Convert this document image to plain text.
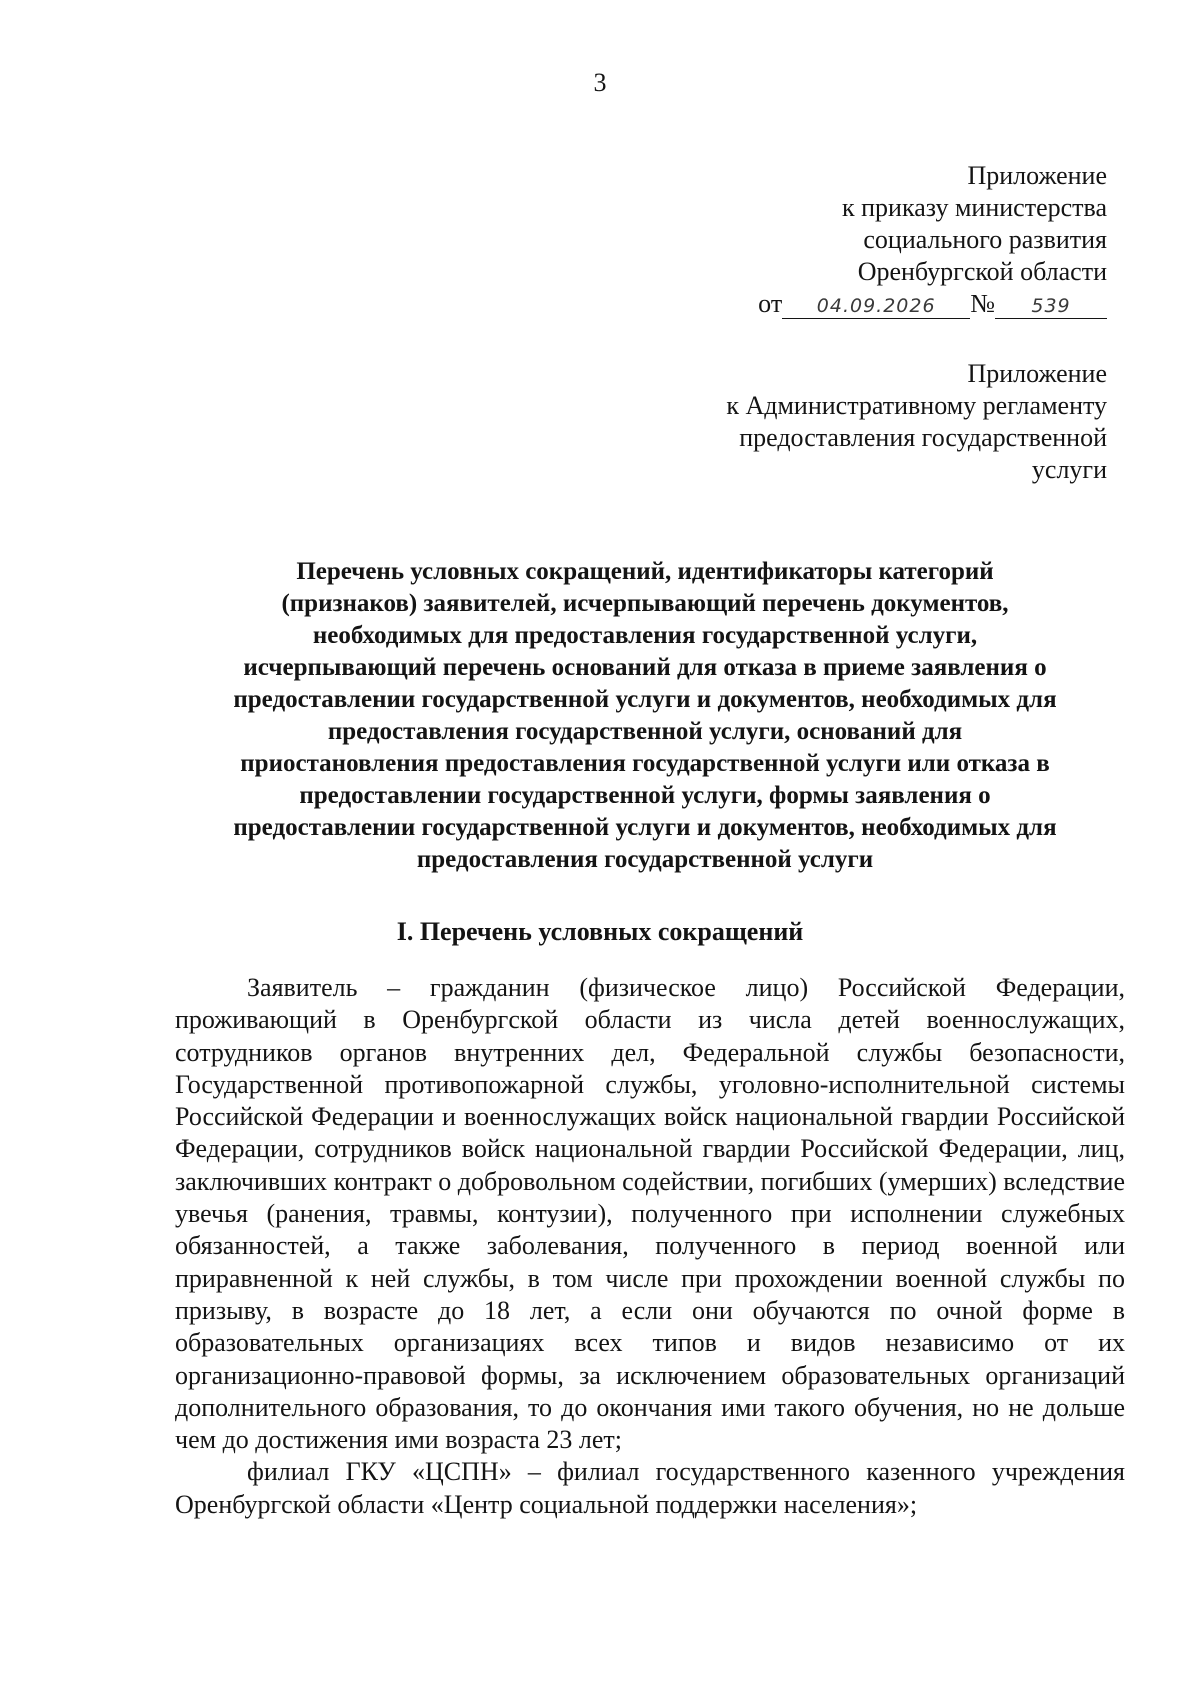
3
Приложение
к приказу министерства
социального развития
Оренбургской области
от 04.09.2026 № 539
Приложение
к Административному регламенту
предоставления государственной
услуги
Перечень условных сокращений, идентификаторы категорий
(признаков) заявителей, исчерпывающий перечень документов,
необходимых для предоставления государственной услуги,
исчерпывающий перечень оснований для отказа в приеме заявления о
предоставлении государственной услуги и документов, необходимых для
предоставления государственной услуги, оснований для
приостановления предоставления государственной услуги или отказа в
предоставлении государственной услуги, формы заявления о
предоставлении государственной услуги и документов, необходимых для
предоставления государственной услуги
I. Перечень условных сокращений

Заявитель – гражданин (физическое лицо) Российской Федерации, проживающий в Оренбургской области из числа детей военнослужащих, сотрудников органов внутренних дел, Федеральной службы безопасности, Государственной противопожарной службы, уголовно-исполнительной системы Российской Федерации и военнослужащих войск национальной гвардии Российской Федерации, сотрудников войск национальной гвардии Российской Федерации, лиц, заключивших контракт о добровольном содействии, погибших (умерших) вследствие увечья (ранения, травмы, контузии), полученного при исполнении служебных обязанностей, а также заболевания, полученного в период военной или приравненной к ней службы, в том числе при прохождении военной службы по призыву, в возрасте до 18 лет, а если они обучаются по очной форме в образовательных организациях всех типов и видов независимо от их организационно-правовой формы, за исключением образовательных организаций дополнительного образования, то до окончания ими такого обучения, но не дольше чем до достижения ими возраста 23 лет;

филиал ГКУ «ЦСПН» – филиал государственного казенного учреждения Оренбургской области «Центр социальной поддержки населения»;
